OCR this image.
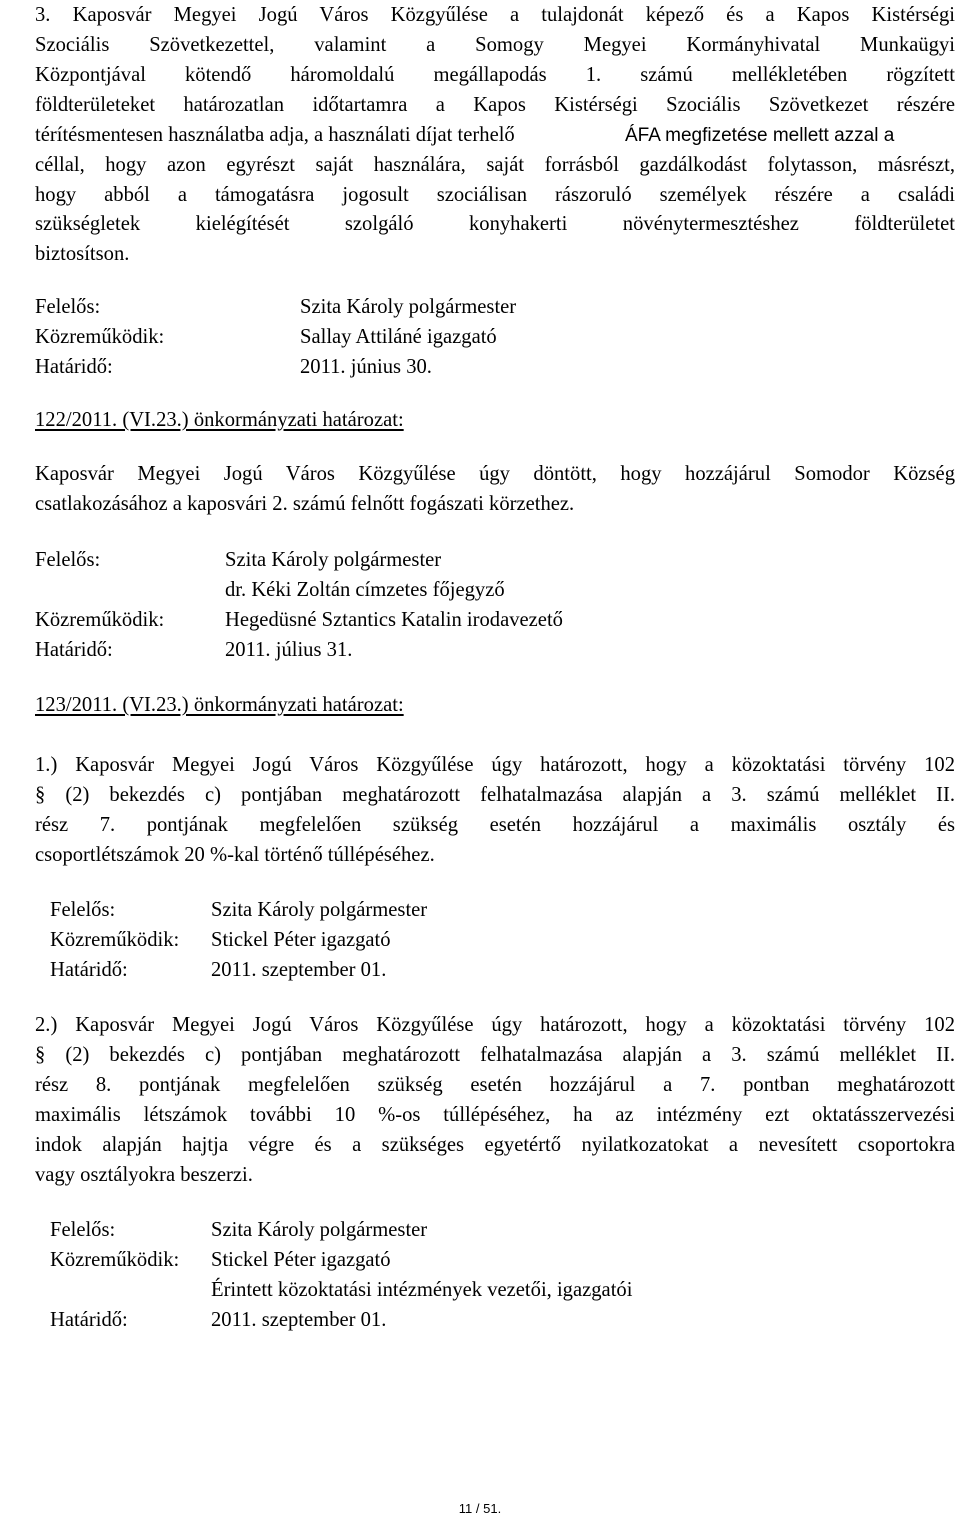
3. Kaposvár Megyei Jogú Város Közgyűlése a tulajdonát képező és a Kapos Kistérségi
Szociális Szövetkezettel, valamint a Somogy Megyei Kormányhivatal Munkaügyi
Központjával kötendő háromoldalú megállapodás 1. számú mellékletében rögzített
földterületeket határozatlan időtartamra a Kapos Kistérségi Szociális Szövetkezet részére
térítésmentesen használatba adja, a használati díjat terhelő	ÁFA megfizetése mellett azzal a
céllal, hogy azon egyrészt saját használára, saját forrásból gazdálkodást folytasson, másrészt,
hogy abból a támogatásra jogosult szociálisan rászoruló személyek részére a családi
szükségletek kielégítését szolgáló konyhakerti növénytermesztéshez földterületet
biztosítson.
Felelős:	Szita Károly polgármester
Közreműködik:	Sallay Attiláné igazgató
Határidő:	2011. június 30.
122/2011. (VI.23.) önkormányzati határozat:
Kaposvár Megyei Jogú Város Közgyűlése úgy döntött, hogy hozzájárul Somodor Község
csatlakozásához a kaposvári 2. számú felnőtt fogászati körzethez.
Felelős:	Szita Károly polgármester
dr. Kéki Zoltán címzetes főjegyző
Közreműködik:	Hegedüsné Sztantics Katalin irodavezető
Határidő:	2011. július 31.
123/2011. (VI.23.) önkormányzati határozat:
1.) Kaposvár Megyei Jogú Város Közgyűlése úgy határozott, hogy a közoktatási törvény 102
§ (2) bekezdés c) pontjában meghatározott felhatalmazása alapján a 3. számú melléklet II.
rész 7. pontjának megfelelően szükség esetén hozzájárul a maximális osztály és
csoportlétszámok 20 %-kal történő túllépéséhez.
Felelős:	Szita Károly polgármester
Közreműködik: Stickel Péter igazgató
Határidő:	2011. szeptember 01.
2.) Kaposvár Megyei Jogú Város Közgyűlése úgy határozott, hogy a közoktatási törvény 102
§ (2) bekezdés c) pontjában meghatározott felhatalmazása alapján a 3. számú melléklet II.
rész 8. pontjának megfelelően szükség esetén hozzájárul a 7. pontban meghatározott
maximális létszámok további 10 %-os túllépéséhez, ha az intézmény ezt oktatásszervezési
indok alapján hajtja végre és a szükséges egyetértő nyilatkozatokat a nevesített csoportokra
vagy osztályokra beszerzi.
Felelős:	Szita Károly polgármester
Közreműködik: Stickel Péter igazgató
Érintett közoktatási intézmények vezetői, igazgatói
Határidő:	2011. szeptember 01.
11 / 51.
